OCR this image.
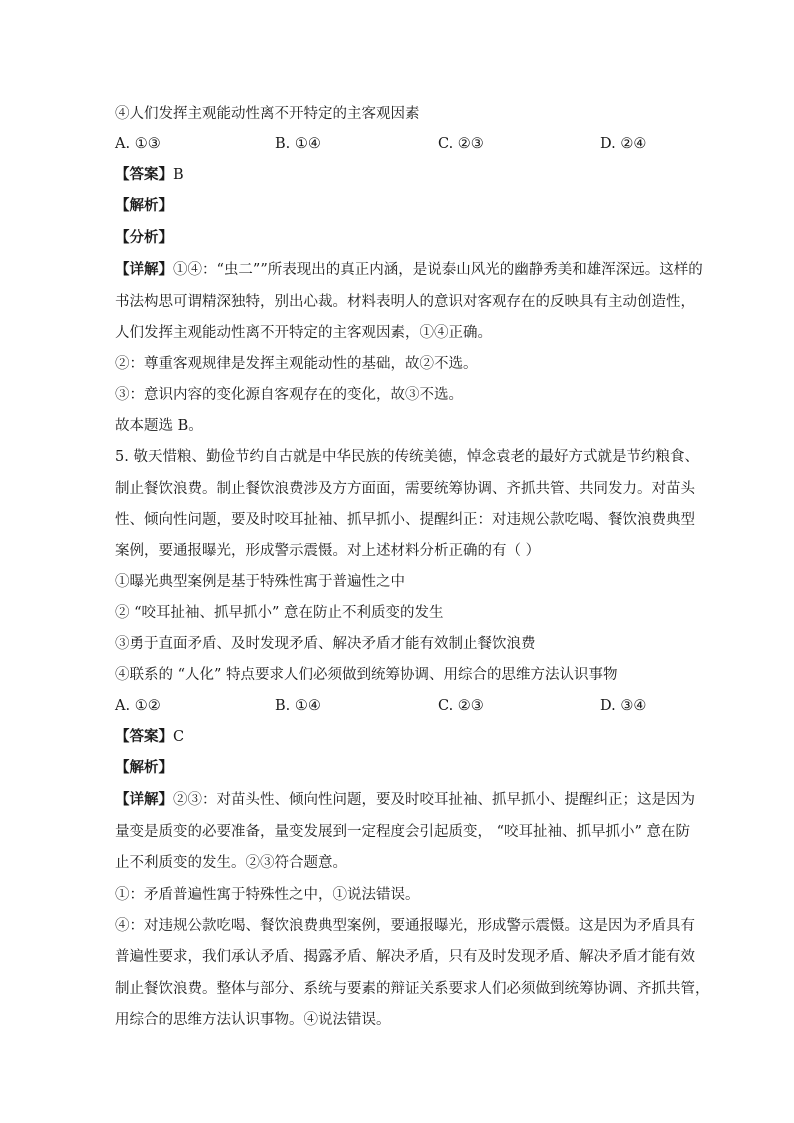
④人们发挥主观能动性离不开特定的主客观因素
A. ①③	B. ①④	C. ②③	D. ②④
【答案】B
【解析】
【分析】
【详解】①④：“虫二””所表现出的真正内涵，是说泰山风光的幽静秀美和雄浑深远。这样的
书法构思可谓精深独特，别出心裁。材料表明人的意识对客观存在的反映具有主动创造性，
人们发挥主观能动性离不开特定的主客观因素，①④正确。
②：尊重客观规律是发挥主观能动性的基础，故②不选。
③：意识内容的变化源自客观存在的变化，故③不选。
故本题选 B。
5. 敬天惜粮、勤俭节约自古就是中华民族的传统美德，悼念袁老的最好方式就是节约粮食、
制止餐饮浪费。制止餐饮浪费涉及方方面面，需要统筹协调、齐抓共管、共同发力。对苗头
性、倾向性问题，要及时咬耳扯袖、抓早抓小、提醒纠正：对违规公款吃喝、餐饮浪费典型
案例，要通报曝光，形成警示震慑。对上述材料分析正确的有（ ）
①曝光典型案例是基于特殊性寓于普遍性之中
② “咬耳扯袖、抓早抓小” 意在防止不利质变的发生
③勇于直面矛盾、及时发现矛盾、解决矛盾才能有效制止餐饮浪费
④联系的 “人化” 特点要求人们必须做到统筹协调、用综合的思维方法认识事物
A. ①②	B. ①④	C. ②③	D. ③④
【答案】C
【解析】
【详解】②③：对苗头性、倾向性问题，要及时咬耳扯袖、抓早抓小、提醒纠正；这是因为
量变是质变的必要准备，量变发展到一定程度会引起质变， “咬耳扯袖、抓早抓小” 意在防
止不利质变的发生。②③符合题意。
①：矛盾普遍性寓于特殊性之中，①说法错误。
④：对违规公款吃喝、餐饮浪费典型案例，要通报曝光，形成警示震慑。这是因为矛盾具有
普遍性要求，我们承认矛盾、揭露矛盾、解决矛盾，只有及时发现矛盾、解决矛盾才能有效
制止餐饮浪费。整体与部分、系统与要素的辩证关系要求人们必须做到统筹协调、齐抓共管，
用综合的思维方法认识事物。④说法错误。
